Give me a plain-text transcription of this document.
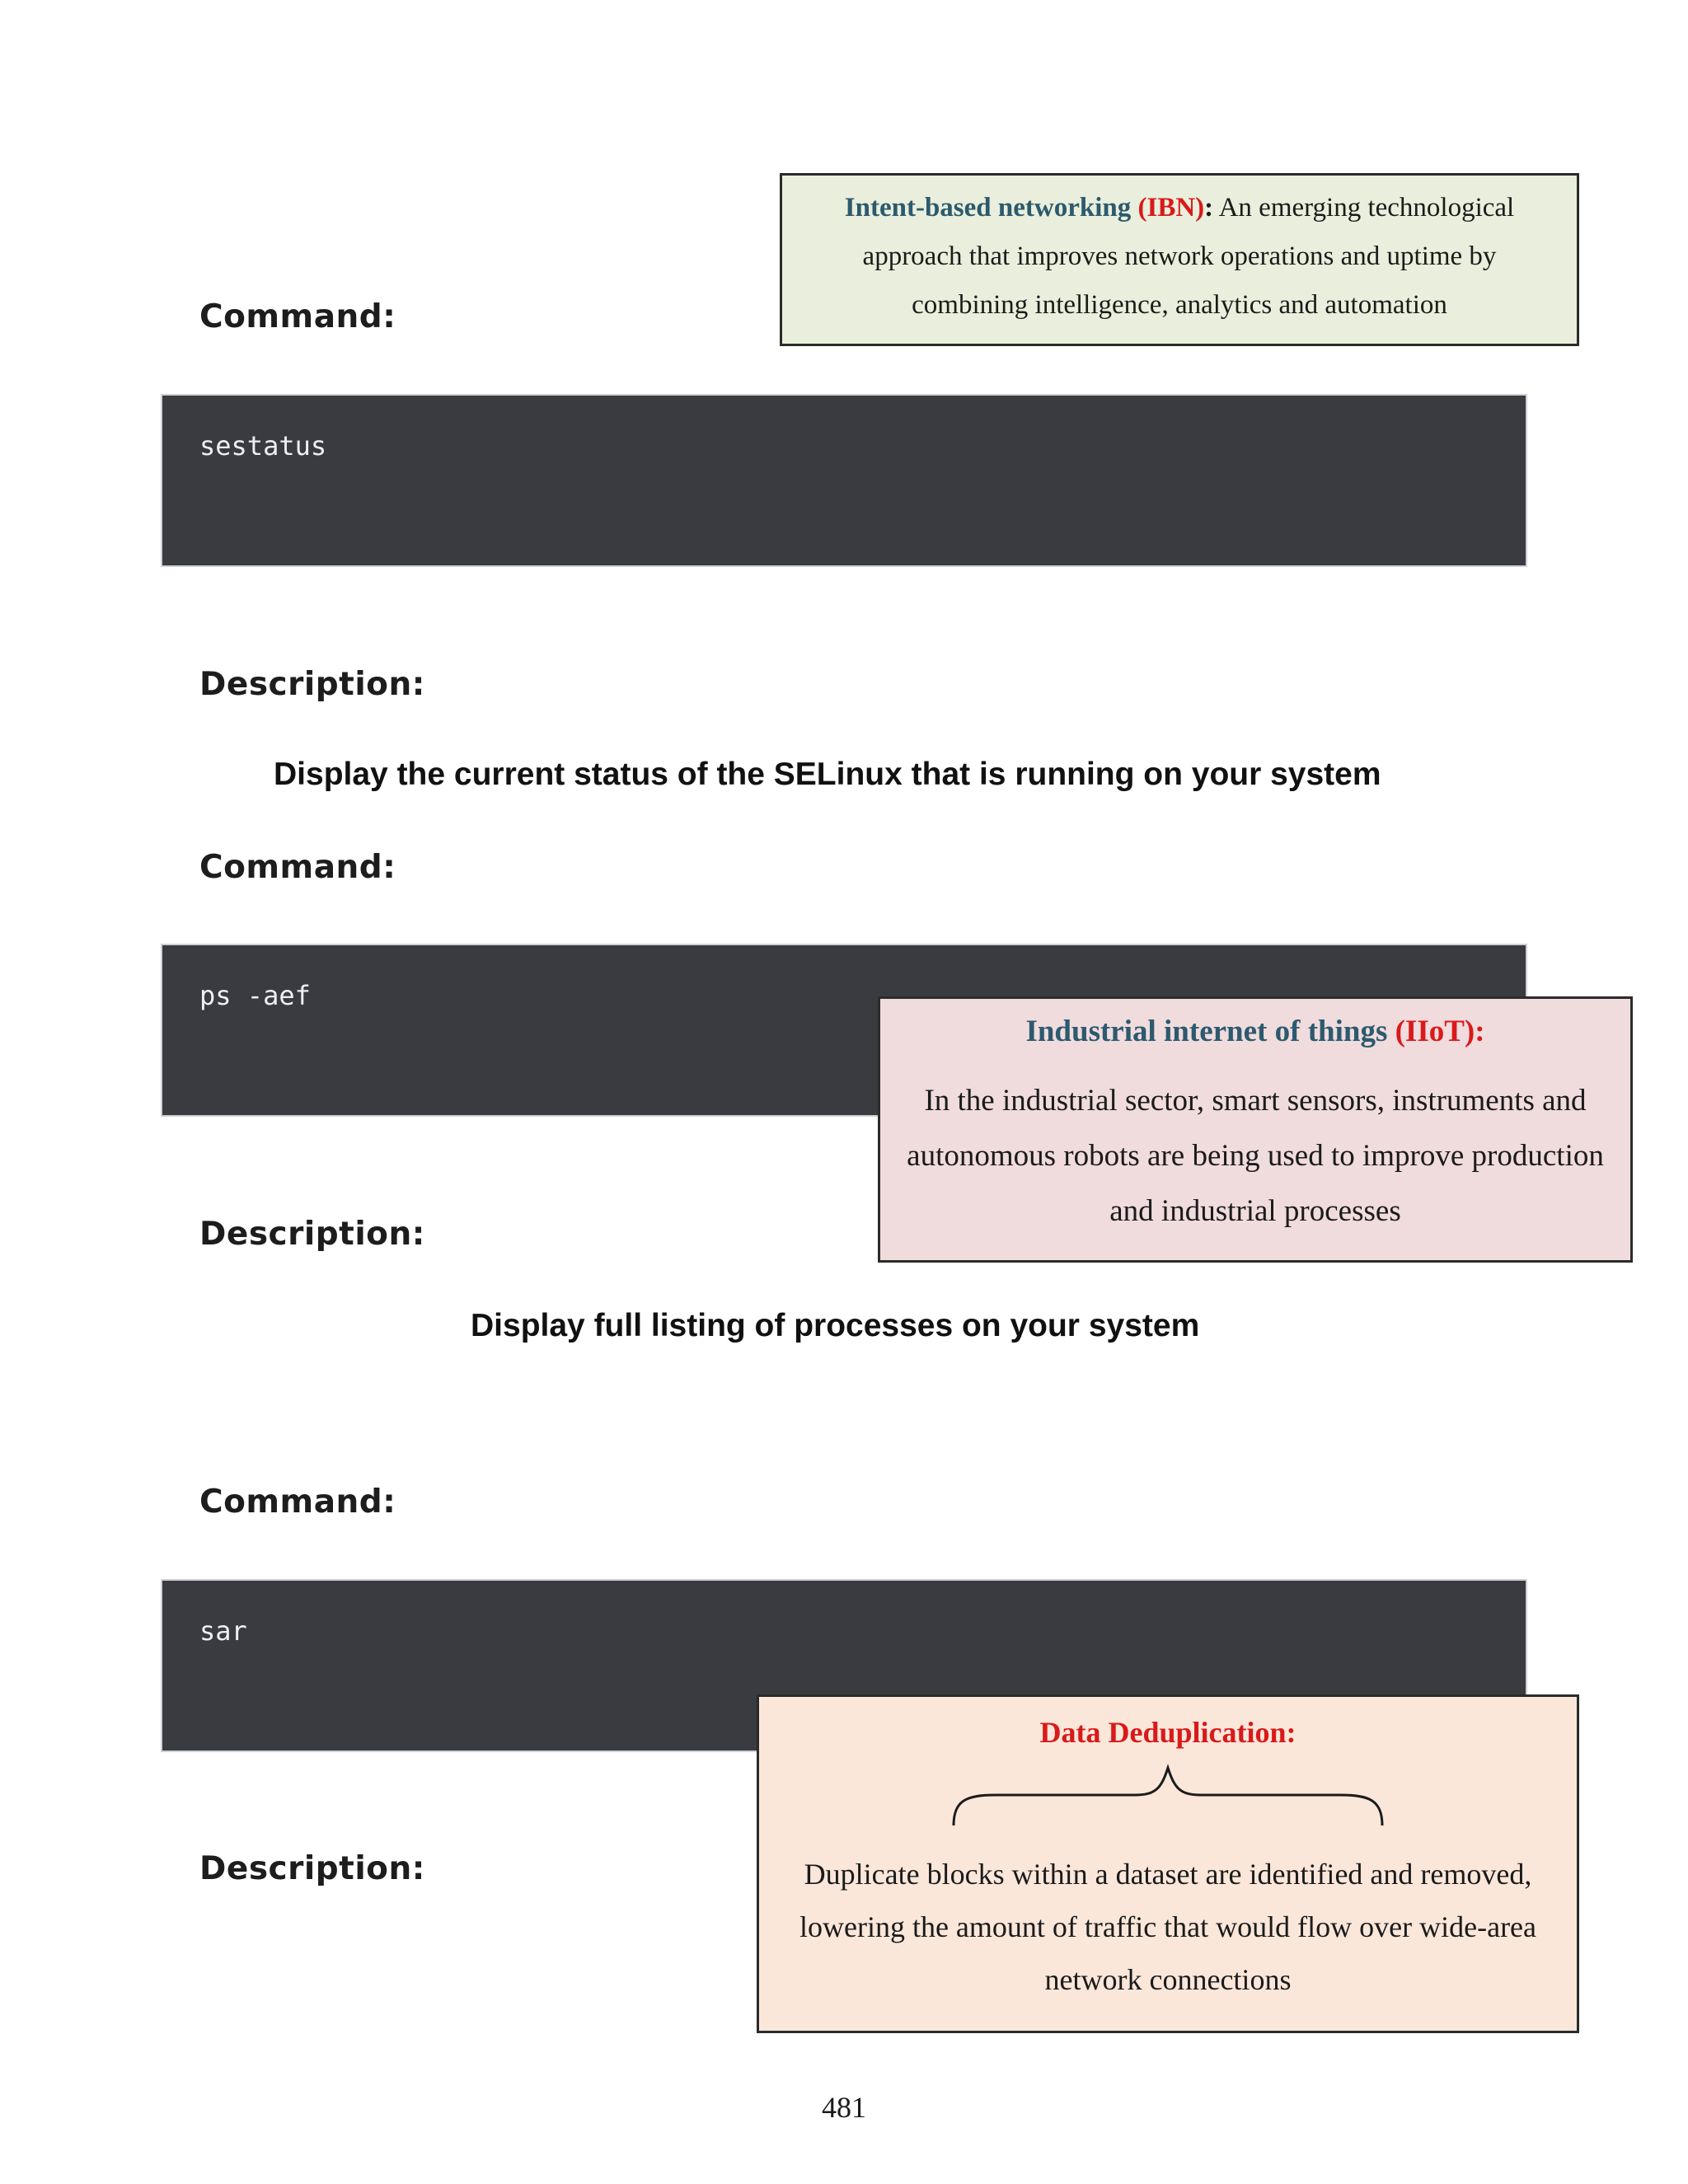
Command:
sestatus
Description:
Display the current status of the SELinux that is running on your system
Command:
ps -aef
Description:
Display full listing of processes on your system
Command:
sar
Description:
Intent-based networking (IBN): An emerging technological approach that improves network operations and uptime by combining intelligence, analytics and automation
Industrial internet of things (IIoT):
In the industrial sector, smart sensors, instruments and autonomous robots are being used to improve production and industrial processes
Data Deduplication:
Duplicate blocks within a dataset are identified and removed, lowering the amount of traffic that would flow over wide-area network connections
481
